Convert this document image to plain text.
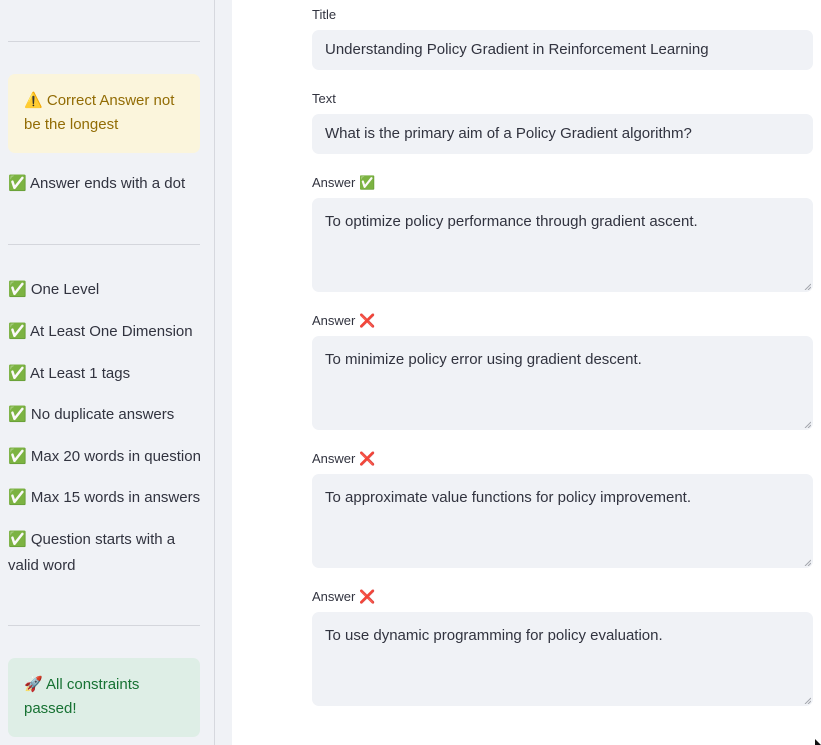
⚠️ Correct Answer not be the longest
✅ Answer ends with a dot
✅ One Level
✅ At Least One Dimension
✅ At Least 1 tags
✅ No duplicate answers
✅ Max 20 words in question
✅ Max 15 words in answers
✅ Question starts with a valid word
🚀 All constraints passed!
Title
Understanding Policy Gradient in Reinforcement Learning
Text
What is the primary aim of a Policy Gradient algorithm?
Answer ✅
To optimize policy performance through gradient ascent.
Answer ❌
To minimize policy error using gradient descent.
Answer ❌
To approximate value functions for policy improvement.
Answer ❌
To use dynamic programming for policy evaluation.
